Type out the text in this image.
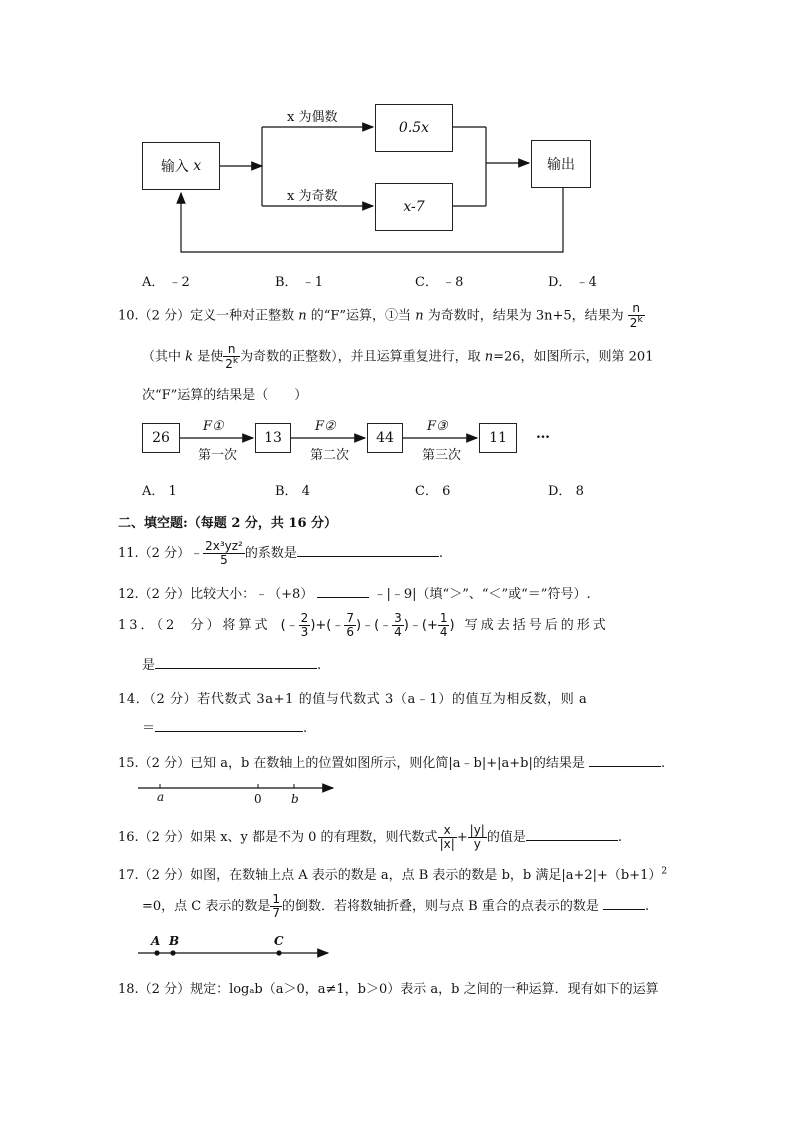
输入
x
0.5x
x-7
输出
x 为偶数
x 为奇数
A． ﹣2	B． ﹣1	C． ﹣8	D． ﹣4
10.（2 分）定义一种对正整数 n 的“F”运算，①当 n 为奇数时，结果为 3n+5，结果为 $\frac{n}{2^k}$
（其中 k 是使 $\frac{n}{2^k}$ 为奇数的正整数），并且运算重复进行，取 n=26，如图所示，则第 201
次“F”运算的结果是（　　）
26	13	44	11 …
F①	F②	F③
第一次	第二次	第三次
A． 1	B． 4	C． 6	D． 8
二、填空题:（每题 2 分，共 16 分）
11.（2 分）﹣ $\frac{\text{2x³yz²}}{5}$ 的系数是	.
12.（2 分）比较大小：﹣（+8）	﹣|﹣9|（填“＞”、“＜”或“＝”符号）.
13．（2 分）将算式 (﹣ $\frac{2}{3}$ )+(﹣ $\frac{7}{6}$ )﹣(﹣ $\frac{3}{4}$ )﹣(+ $\frac{1}{4}$ ) 写成去括号后的形式
是	.
14．（2 分）若代数式 3a+1 的值与代数式 3（a﹣1）的值互为相反数，则 a
＝	.
15.（2 分）已知 a，b 在数轴上的位置如图所示，则化简|a﹣b|+|a+b|的结果是	.
a	0 b
16.（2 分）如果 x、y 都是不为 0 的有理数，则代数式 $\frac{x}{|x|} + \frac{|y|}{y}$ 的值是	.
17.（2 分）如图，在数轴上点 A 表示的数是 a，点 B 表示的数是 b，b 满足$|a+2|+(b+1)^2$
=0，点 C 表示的数是 $\frac{1}{7}$ 的倒数．若将数轴折叠，则与点 B 重合的点表示的数是	.
A B	C
18.（2 分）规定：logₐb（a＞0，a≠1，b＞0）表示 a，b 之间的一种运算．现有如下的运算
